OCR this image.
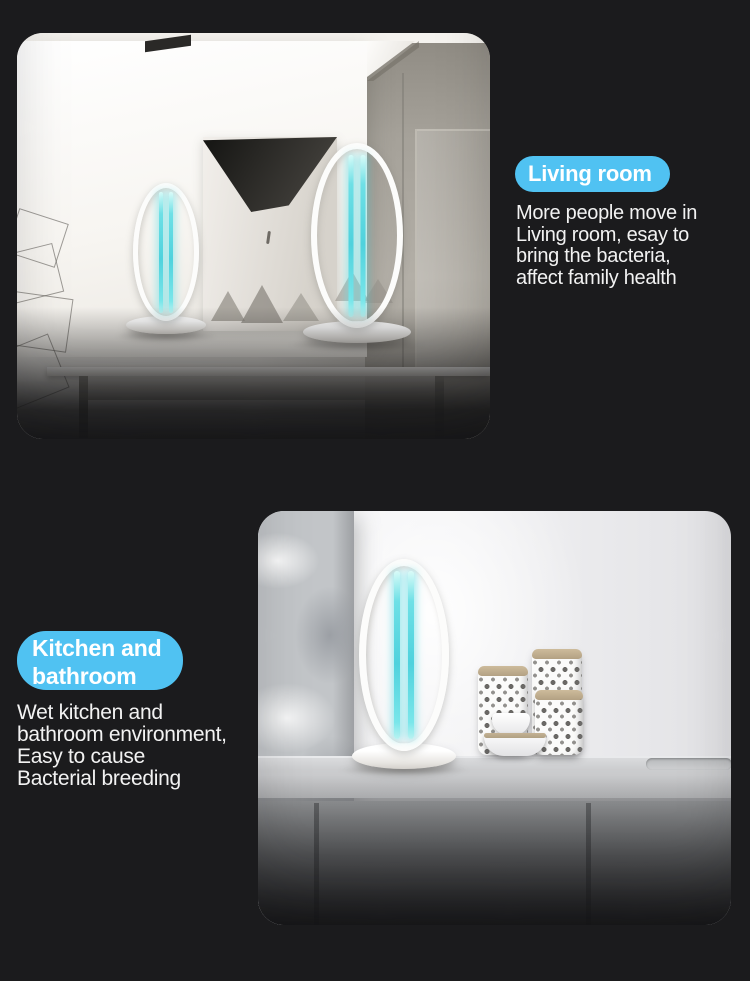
Living room
More people move in
Living room, esay to
bring the bacteria,
affect family health
Kitchen and
bathroom
Wet kitchen and
bathroom environment,
Easy to cause
Bacterial breeding
